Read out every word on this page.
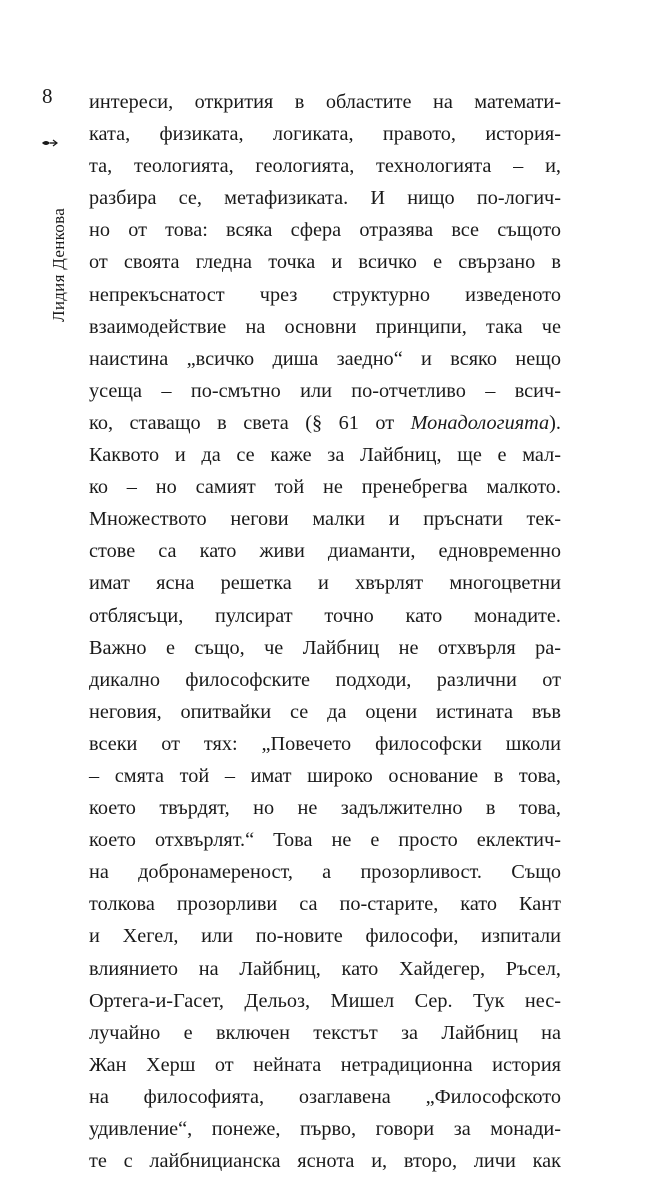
8
Лидия Денкова
интереси, открития в областите на математи-
ката, физиката, логиката, правото, история-
та, теологията, геологията, технологията – и,
разбира се, метафизиката. И нищо по-логич-
но от това: всяка сфера отразява все същото
от своята гледна точка и всичко е свързано в
непрекъснатост чрез структурно изведеното
взаимодействие на основни принципи, така че
наистина „всичко диша заедно“ и всяко нещо
усеща – по-смътно или по-отчетливо – всич-
ко, ставащо в света (§ 61 от Монадологията).
Каквото и да се каже за Лайбниц, ще е мал-
ко – но самият той не пренебрегва малкото.
Множеството негови малки и пръснати тек-
стове са като живи диаманти, едновременно
имат ясна решетка и хвърлят многоцветни
отблясъци, пулсират точно като монадите.
Важно е също, че Лайбниц не отхвърля ра-
дикално философските подходи, различни от
неговия, опитвайки се да оцени истината във
всеки от тях: „Повечето философски школи
– смята той – имат широко основание в това,
което твърдят, но не задължително в това,
което отхвърлят.“ Това не е просто еклектич-
на добронамереност, а прозорливост. Също
толкова прозорливи са по-старите, като Кант
и Хегел, или по-новите философи, изпитали
влиянието на Лайбниц, като Хайдегер, Ръсел,
Ортега-и-Гасет, Дельоз, Мишел Сер. Тук нес-
лучайно е включен текстът за Лайбниц на
Жан Херш от нейната нетрадиционна история
на философията, озаглавена „Философското
удивление“, понеже, първо, говори за монади-
те с лайбницианска яснота и, второ, личи как
